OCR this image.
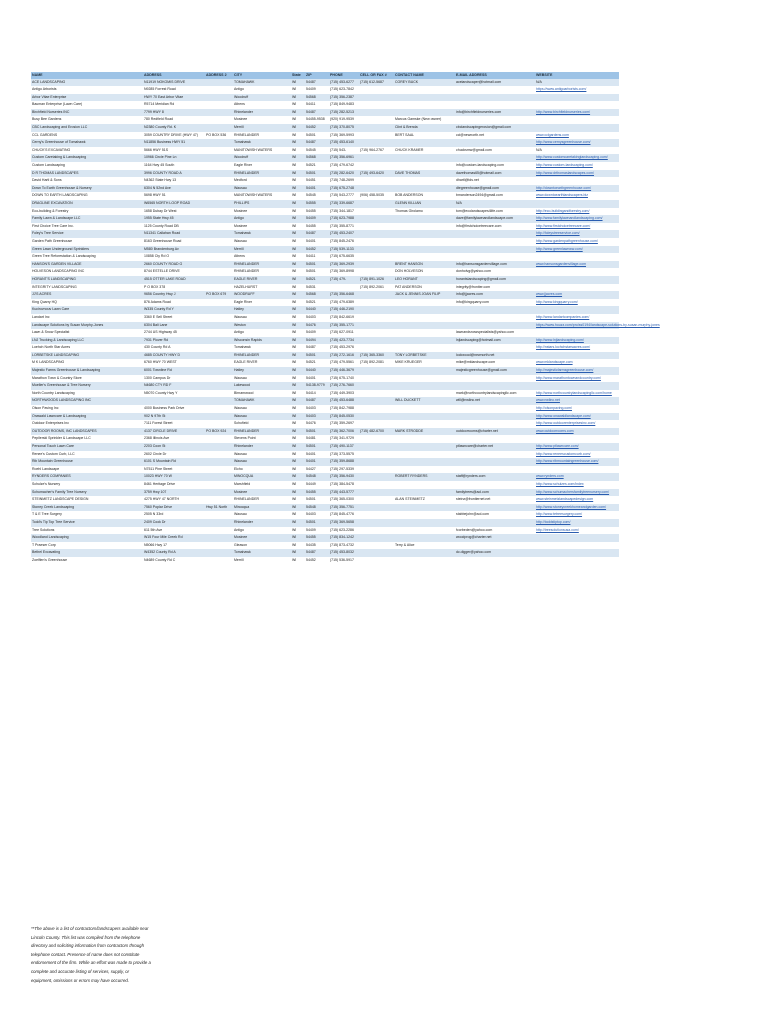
NAME	ADDRESS	ADDRESS 2	CITY	State	ZIP	PHONE	CELL OR FAX #	CONTACT NAME	E-MAIL ADDRESS	WEBSITE
ACE LANDSCAPING	N11919 NOKOMIS DRIVE		TOMAHAWK	WI	54487	(715) 453-6277	(715) 612-5687	COREY BUCK	acelandscaper@hotmail.com	N/A
Antigo Arborists	N9285 Forrest Road		Antigo	WI	54409	(715) 623-7842				https://www.antigoarborists.com/
Arbor Vitae Enterprise	HWY 70 East Arbor Vitae		Woodruff	WI	54568	(715) 356-2387				
Bauman Enterprise (Lawn Care)	R5714 Meridian Rd		Athens	WI	54411	(715) 849-9483				
Birchfield Nurseries INC	7799 HWY 8		Rhinelander	WI	54487	(715) 282-5213			info@birchfieldnurseries.com	http://www.birchfieldnurseries.com/
Busy Bee Gardens	780 Redfield Road		Mosinee	WI	54455-9538	(920) 919-9539		Marcus Gamske (New owner)		
CBC Landscaping and Erosion LLC	N2380 County Rd. K		Merrill	WI	54452	(715) 370-8075		Clint & Brenda	cbclandscapingerosion@gmail.com	
CCL GARDENS	3059 COUNTRY DRIVE (HWY 47)	PO BOX 536	RHINELANDER	WI	54501	(715) 369-5993		BERT SAAL	ccl@newnorth.net	www.cclgardens.com
Cerny's Greenhouse of Tomahawk	N11856 Business HWY 51		Tomahawk	WI	54487	(715) 453-6140				http://www.cernysgreenhouse.com/
CHUCK'S EXCAVATING	5666 HWY 51S		MANITOWISH WATERS	WI	54545	(715) 543-	(715) 964-2767	CHUCK KRAMER	chucksmw@gmail.com	N/A
Custom Caretaking & Landscaping	10966 Circle Pine Ln		Woodruff	WI	54568	(715) 356-6961				http://www.customcaretakinglandscaping.com/
Custom Landscaping	1164 Hwy 45 South		Eagle River	WI	54521	(715) 479-6742			info@custom-landscaping.com	http://www.custom-landscaping.com/
D R THOMAS LANDSCAPES	3996 COUNTY ROAD A		RHINELANDER	WI	54501	(715) 282-6420	(715) 493-6420	DAVE THOMAS	davethomas65@hotmail.com	http://www.drthomaslandscapes.com/
David Hartl & Sons	N4362 State Hwy 13		Medford	WI	54451	(715) 748-2699			dhartl@tds.net	
Down To Earth Greenhouse & Nursery	6304 N 52nd Ave		Wausau	WI	54401	(715) 675-2748			dtegreenhouse@gmail.com	http://downtoearthgreenhouse.com/
DOWN TO EARTH LANDSCAPING	5698 HWY 51		MANITOWISH WATERS	WI	54545	(715) 543-2777	(906) 458-5035	BOB ANDERSON	bmanderson2494@gmail.com	www.downtoearthlandscapers.biz
DRAGLINE EXCAVATION	W6565 NORTH LOOP ROAD		PHILLIPS	WI	54555	(715) 339-6687		GLENN KILLIAN	N/A	
Eco-building & Forestry	1658 Dubay Dr West		Mosinee	WI	54455	(715) 344-1817		Thomas Girolamo	tom@ecolandscapes4life.com	http://eco-buildingandforestry.com/
Family Lawn & Landscape LLC	1955 State Hwy 45		Antigo	WI	54409	(715) 623-7988			dave@familylawnandlandscape.com	http://www.familylawnandlandscaping.com/
First Choice Tree Care Inc.	1125 County Road DB		Mosinee	WI	54455	(715) 355-8771			info@firstchoicetreecare.com	http://www.firstchoicetreecare.com/
Foley's Tree Service	N11341 Callahan Road		Tomahawk	WI	54487	(715) 453-2407				http://foleystreeservice.com/
Garden Path Greenhouse	8163 Greenhouse Road		Wausau	WI	54401	(715) 845-2476				http://www.gardenpathgreenhouse.com/
Green Lawn Underground Sprinklers	M580 Brandenburg Av		Merrill	WI	54452	(715) 539-1133				http://www.greenlawnww.com/
Green Tree Reforestation & Landscaping	10858 Cty Rd O		Athens	WI	54411	(715) 675-6635				
HANSON'S GARDEN VILLAGE	2660 COUNTY ROAD G		RHINELANDER	WI	54501	(715) 369-2939		BRENT HANSON	info@hansonsgardenvillage.com	www.hansonsgardenvillage.com
HOLVESON LANDSCAPING INC	8744 ESTELLE DRIVE		RHINELANDER	WI	54501	(715) 369-8998		DON HOLVESON	donholvg@yahoo.com	
HORANT'S LANDSCAPING	4515 OTTER LAKE ROAD		EAGLE RIVER	WI	54521	(715) 479-	(715) 891-1026	LEO HORANT	horantslandscaping@gmail.com	
INTEGRITY LANDSCAPING	P O BOX 378		HAZELHURST	WI	54531		(715) 892-2061	PAT ANDERSON	integrity@frontier.com	
JJ'S ACRES	9656 Country Hwy J	PO BOX 679	WOODRUFF	WI	54568	(715) 356-6468		JACK & JENNIS JOAN FILIP	info@jjacres.com	www.jjacres.com
King Quarry HQ	876 Adams Road		Eagle River	WI	54521	(715) 479-6389			info@kingquarry.com	http://www.kingquarry.com/
Kucirovnouv Lawn Care	W335 County Rd Y		Hatley	WI	54440	(715) 446-2190				
Landart Inc	3360 E Sell Street		Wausau	WI	54403	(715) 842-6619				http://www.landartcompanies.com/
Landscape Solutions by Susan Murphy-Jones	6304 Bali Lane		Weston	WI	54476	(715) 355-1771				https://www.houzz.com/pro/ss0194/landscape-solutions-by-susan-murphy-jones
Lawn & Snow Specialist	2744 US Highway 45		Antigo	WI	54409	(715) 627-0911			lawnandsnowspecialists@yahoo.com	
LNJ Trucking & Landscaping LLC	7931 Plover Rd		Wisconsin Rapids	WI	54494	(715) 423-7734			lnjlandscaping@hotmail.com	http://www.lnjlandscaping.com/
Loehch North Star Acres	430 County Rd A		Tomahawk	WI	54487	(715) 453-2976				http://nstars.lochchstarsacres.com/
LORBETSKE LANDSCAPING	4685 COUNTY HWY D		RHINELANDER	WI	54501	(715) 272-1616	(715) 365-3360	TONY LORBETSKE	lockwood@newnorth.net	
M K LANDSCAPING	6760 HWY 70 WEST		EAGLE RIVER	WI	54521	(715) 479-5561	(715) 892-2081	MIKE KRUEGER	mike@mklandscape.com	www.mklandscape.com
Majestic Farms Greenhouse & Landscaping	6001 Townline Rd		Hatley	WI	54440	(715) 446-3679			majesticgreenhouse@gmail.com	http://majesticfarmsgreenhouse.com/
Marathon Town & Country Store	1300 Campus Dr		Wausau	WI	54401	(715) 675-1740				http://www.marathontownandcountry.com/
Mueller's Greenhouse & Tree Nursery	N4680 CTY RD F		Lakewood	WI	54138-9779	(715) 276-7660				
North Country Landscaping	N5070 County Hwy Y		Birnamwood	WI	54414	(715) 449-3903			mark@northcountrylandscapingllc.com	http://www.northcountrylandscapingllc.com/home
NORTHWOODS LANDSCAPING INC			TOMAHAWK	WI	54487	(715) 453-6488		WILL DUCKETT	will@nwlinc.net	www.nwlinc.net
Olson Paving Inc	4000 Business Park Drive		Wausau	WI	54403	(715) 842-7988				http://olsonpaving.com/
Onawald Lawncare & Landscaping	902 N 97th St		Wausau	WI	54403	(715) 845-0530				http://www.onawaldlandscape.com/
Outdoor Enterprises Inc	7111 Forest Street		Schofield	WI	54476	(715) 359-2697				http://www.outdoorenterprisesinc.com/
OUTDOOR ROOMS, INC LANDSCAPES	4137 CIRCLE DRIVE	PO BOX 924	RHINELANDER	WI	54501	(715) 362-7006	(715) 482-6700	MARK STRODDE	outdoorrooms@charter.net	www.outdoorrooms.com
Pepilerski Sprinkler & Landscape LLC	2368 Illinois Ave		Stevens Point	WI	54481	(715) 341-9729				
Personal Touch Lawn Care	2203 Coon St		Rhinelander	WI	54501	(715) 490-1137			ptlawncare@charter.net	http://www.ptlawncare.com/
Renee's Custom Curb, LLC	2602 Circle Dr		Wausau	WI	54401	(715) 373-5575				http://www.reneescustomcurb.com/
Rib Mountain Greenhouse	6101 S Mountain Rd		Wausau	WI	54401	(715) 359-8688				http://www.ribmountaingreenhouse.com/
Roehl Landscape	N7511 Pine Street		Elcho	WI	54427	(715) 297-5339				
RYNDERS COMPANIES	10023 HWY 70 W		MINOCQUA	WI	54548	(715) 356-9430		ROBERT RYNDERS	staff@rynders.com	www.rynders.com
Schulze's Nursery	8461 Heritage Drive		Marshfield	WI	54449	(715) 384-5478				http://www.schulzes.com/index
Schumacher's Family Tree Nursery	3759 Hwy 107		Mosinee	WI	54455	(715) 443-5777			familytrees@aol.com	http://www.schumachersfamilytreenursery.com/
STEINMETZ LANDSCAPE DESIGN	4275 HWY 47 NORTH		RHINELANDER	WI	54501	(715) 365-0300		ALAN STEINMETZ	steinz@frontiernet.net	www.steinmetzlandscapedesign.com
Stoney Creek Landscaping	7560 Poplar Drive	Hwy 51 North	Minocqua	WI	54548	(715) 356-7751				http://www.stoneycreekhomeandgarden.com/
T & E Tree Surgery	2505 N 33rd		Wausau	WI	54403	(715) 845-4776			stabbejohn@aol.com	http://www.tetreesurgery.com/
Todd's Tip Top Tree Service	2409 Cook Dr		Rhinelander	WI	54501	(715) 369-5658				http://toddstiptop.com/
Tree Solutions	611 5th Ave		Antigo	WI	54409	(715) 623-2286			fcorbeden@yahoo.com	http://treesolutionsusa.com/
Woodland Landscaping	W15 Four Mile Creek Rd		Mosinee	WI	54455	(715) 834-1242			woodprog@charter.net	
T Praeser Corp	N5066 Hwy 17		Gleason	WI	54435	(715) 873-4732		Terry & Alice		
Bethel Excavating	W4352 County Rd A		Tomahawk	WI	54487	(715) 453-8032			dc.digger@yahoo.com	
Zoelflen's Greenhouse	N4689 County Rd C		Merrill	WI	54452	(715) 536-5917				
**The above is a list of contractors/landscapers available near Lincoln County. This list was compiled from the telephone directory and soliciting information from contractors through telephone contact. Presence of name does not constitute endorsement of the firm. While an effort was made to provide a complete and accurate listing of services, supply, or equipment, omissions or errors may have occurred.
